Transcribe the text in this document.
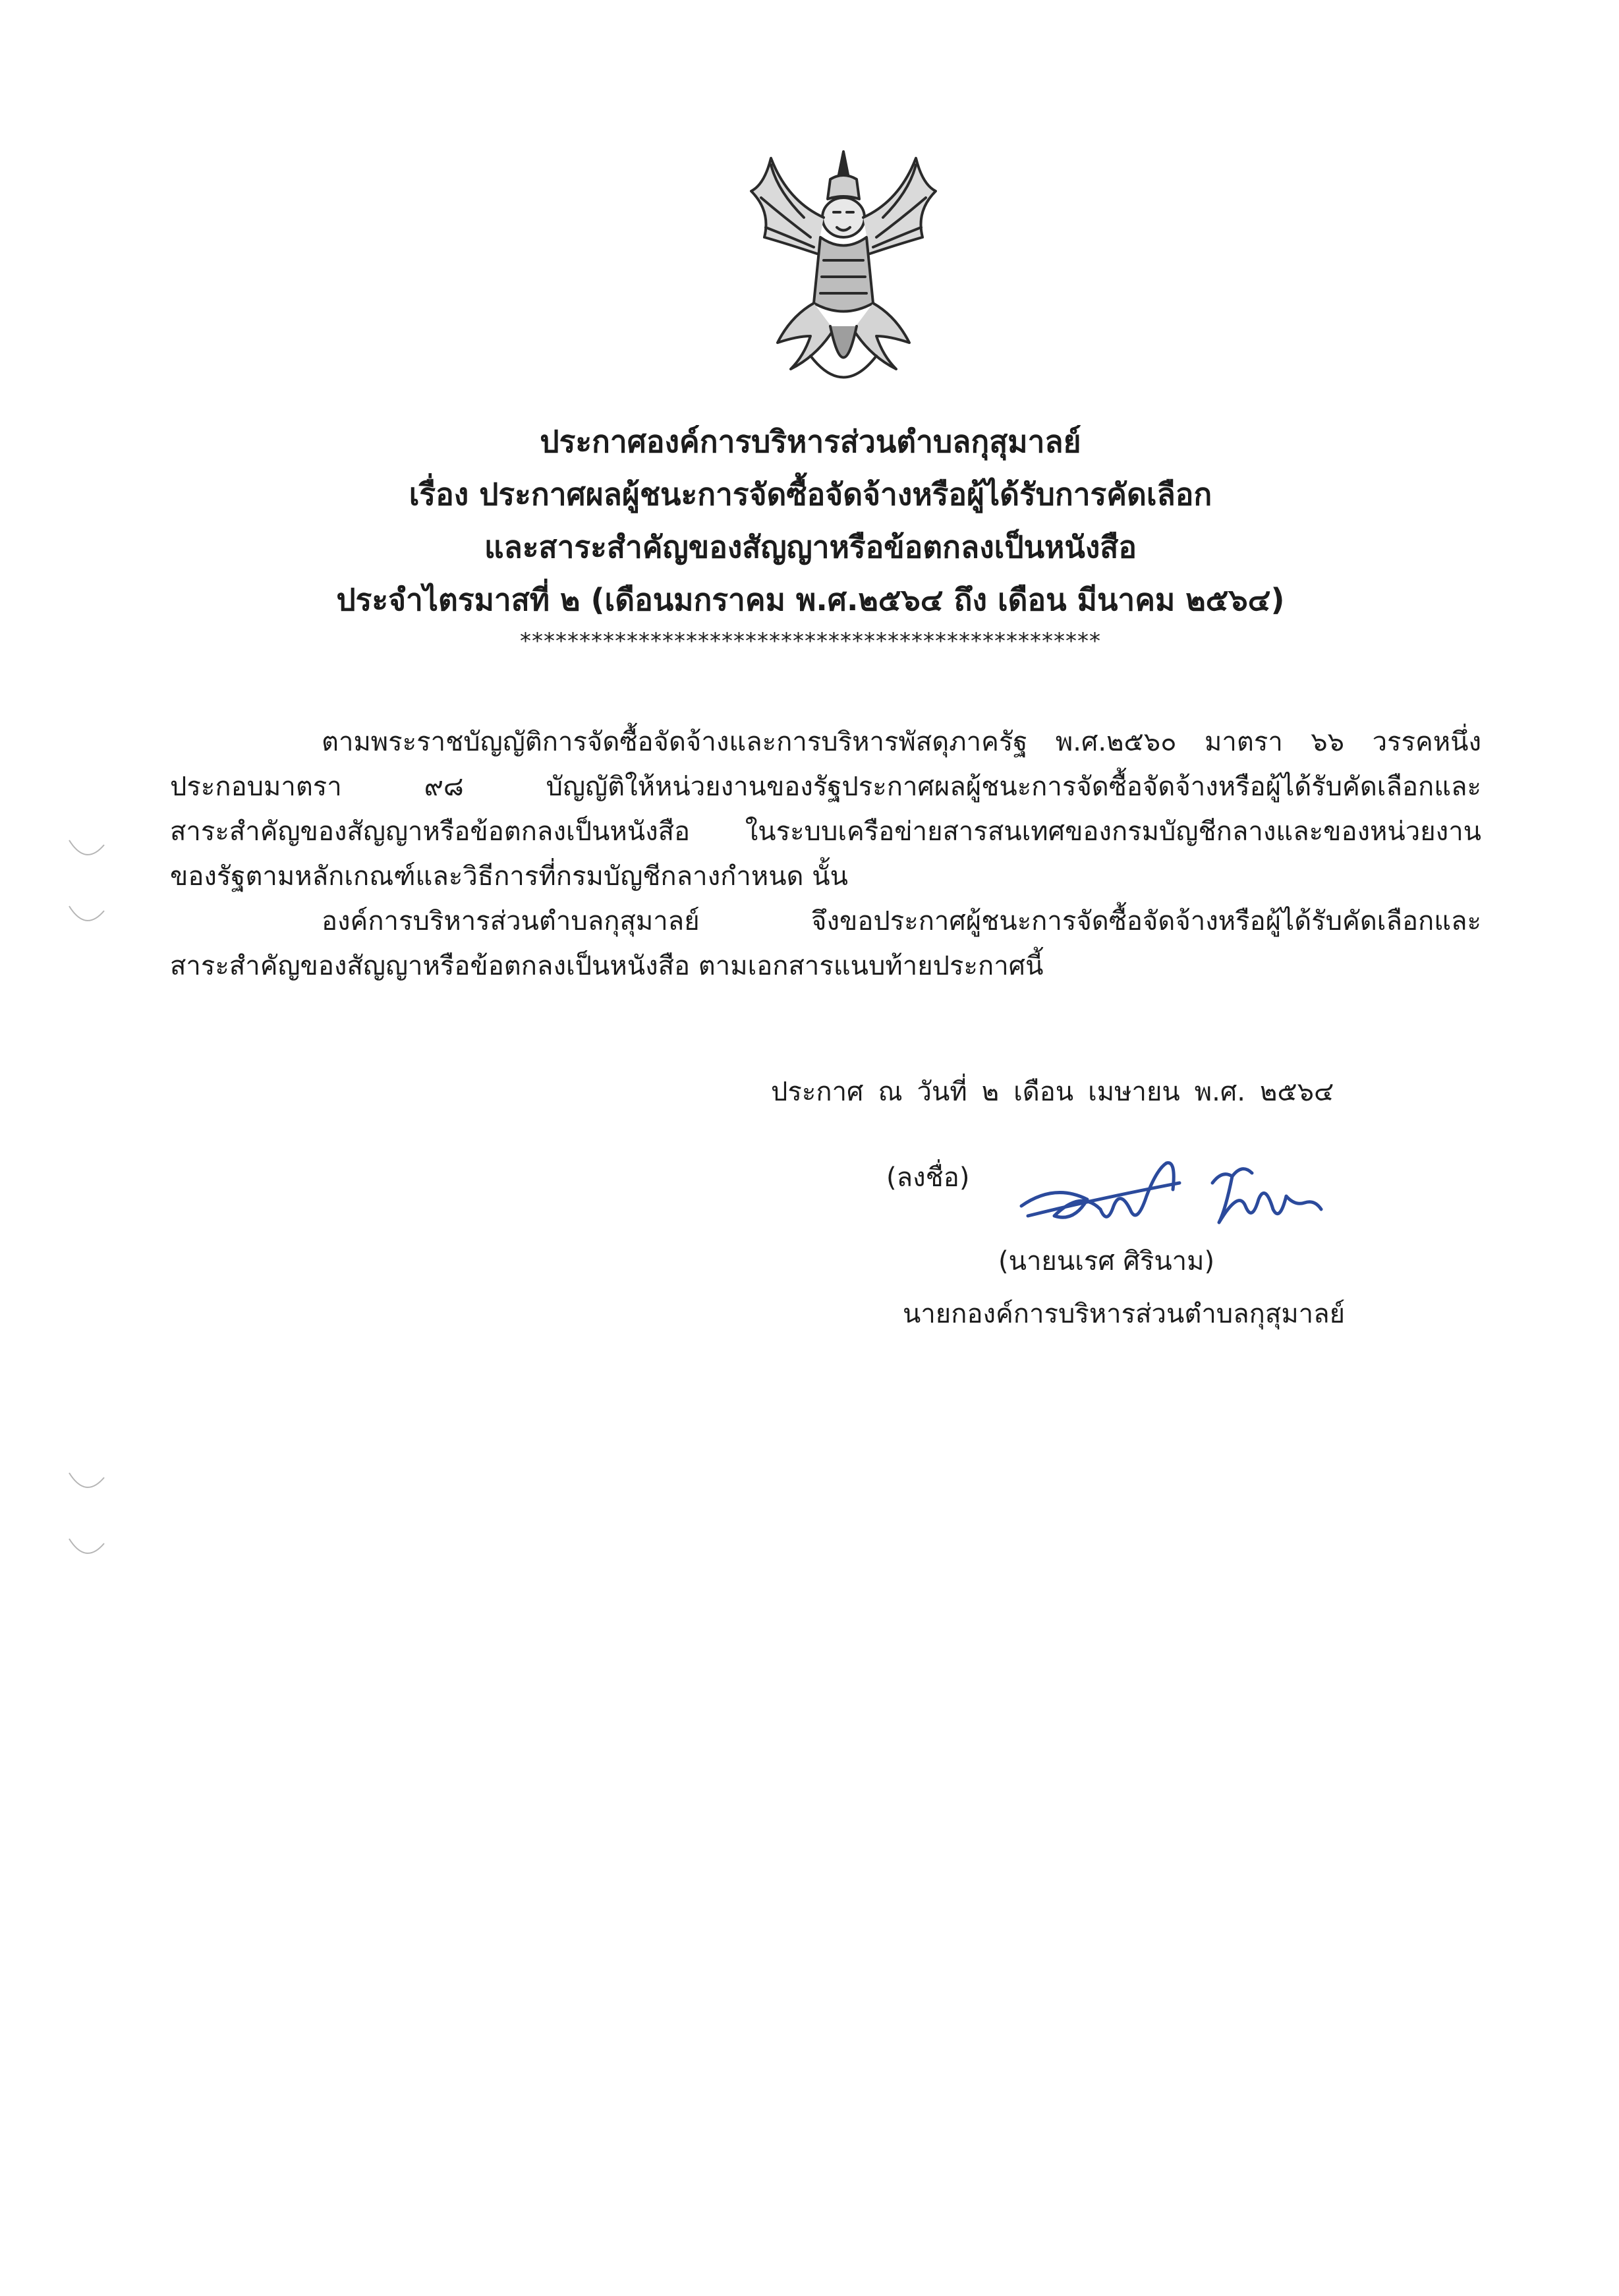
ประกาศองค์การบริหารส่วนตำบลกุสุมาลย์
เรื่อง ประกาศผลผู้ชนะการจัดซื้อจัดจ้างหรือผู้ได้รับการคัดเลือก
และสาระสำคัญของสัญญาหรือข้อตกลงเป็นหนังสือ
ประจำไตรมาสที่ ๒ (เดือนมกราคม พ.ศ.๒๕๖๔ ถึง เดือน มีนาคม ๒๕๖๔)
*************************************************
ตามพระราชบัญญัติการจัดซื้อจัดจ้างและการบริหารพัสดุภาครัฐ พ.ศ.๒๕๖๐ มาตรา ๖๖ วรรคหนึ่ง
ประกอบมาตรา ๙๘ บัญญัติให้หน่วยงานของรัฐประกาศผลผู้ชนะการจัดซื้อจัดจ้างหรือผู้ได้รับคัดเลือกและ
สาระสำคัญของสัญญาหรือข้อตกลงเป็นหนังสือ ในระบบเครือข่ายสารสนเทศของกรมบัญชีกลางและของหน่วยงาน
ของรัฐตามหลักเกณฑ์และวิธีการที่กรมบัญชีกลางกำหนด นั้น
องค์การบริหารส่วนตำบลกุสุมาลย์ จึงขอประกาศผู้ชนะการจัดซื้อจัดจ้างหรือผู้ได้รับคัดเลือกและ
สาระสำคัญของสัญญาหรือข้อตกลงเป็นหนังสือ ตามเอกสารแนบท้ายประกาศนี้
ประกาศ ณ วันที่ ๒ เดือน เมษายน พ.ศ. ๒๕๖๔
(ลงชื่อ)
(นายนเรศ ศิรินาม)
นายกองค์การบริหารส่วนตำบลกุสุมาลย์
